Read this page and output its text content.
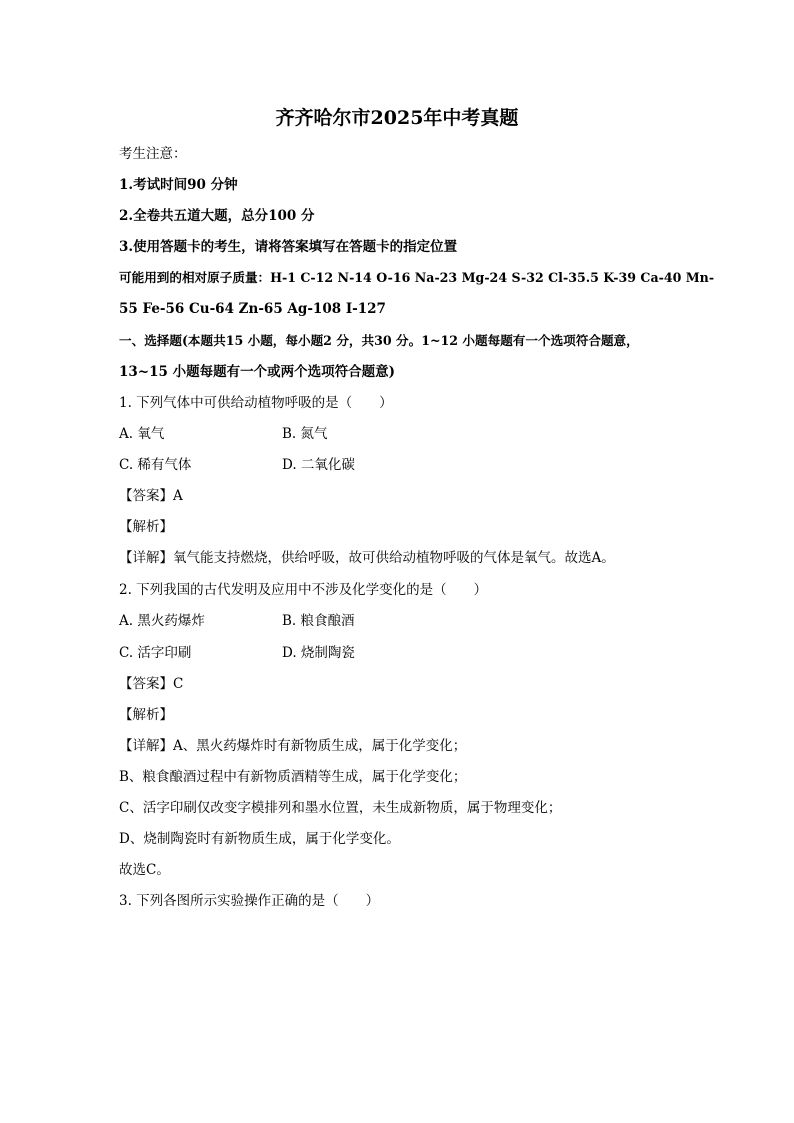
齐齐哈尔市2025年中考真题
考生注意：
1.考试时间90 分钟
2.全卷共五道大题，总分100 分
3.使用答题卡的考生，请将答案填写在答题卡的指定位置
可能用到的相对原子质量：H-1 C-12 N-14 O-16 Na-23 Mg-24 S-32 Cl-35.5 K-39 Ca-40 Mn-
55 Fe-56 Cu-64 Zn-65 Ag-108 I-127
一、选择题(本题共15 小题，每小题2 分，共30 分。1~12 小题每题有一个选项符合题意，
13~15 小题每题有一个或两个选项符合题意)
1. 下列气体中可供给动植物呼吸的是（　　）
A. 氧气	B. 氮气
C. 稀有气体	D. 二氧化碳
【答案】A
【解析】
【详解】氧气能支持燃烧，供给呼吸，故可供给动植物呼吸的气体是氧气。故选A。
2. 下列我国的古代发明及应用中不涉及化学变化的是（　　）
A. 黑火药爆炸	B. 粮食酿酒
C. 活字印刷	D. 烧制陶瓷
【答案】C
【解析】
【详解】A、黑火药爆炸时有新物质生成，属于化学变化；
B、粮食酿酒过程中有新物质酒精等生成，属于化学变化；
C、活字印刷仅改变字模排列和墨水位置，未生成新物质，属于物理变化；
D、烧制陶瓷时有新物质生成，属于化学变化。
故选C。
3. 下列各图所示实验操作正确的是（　　）
